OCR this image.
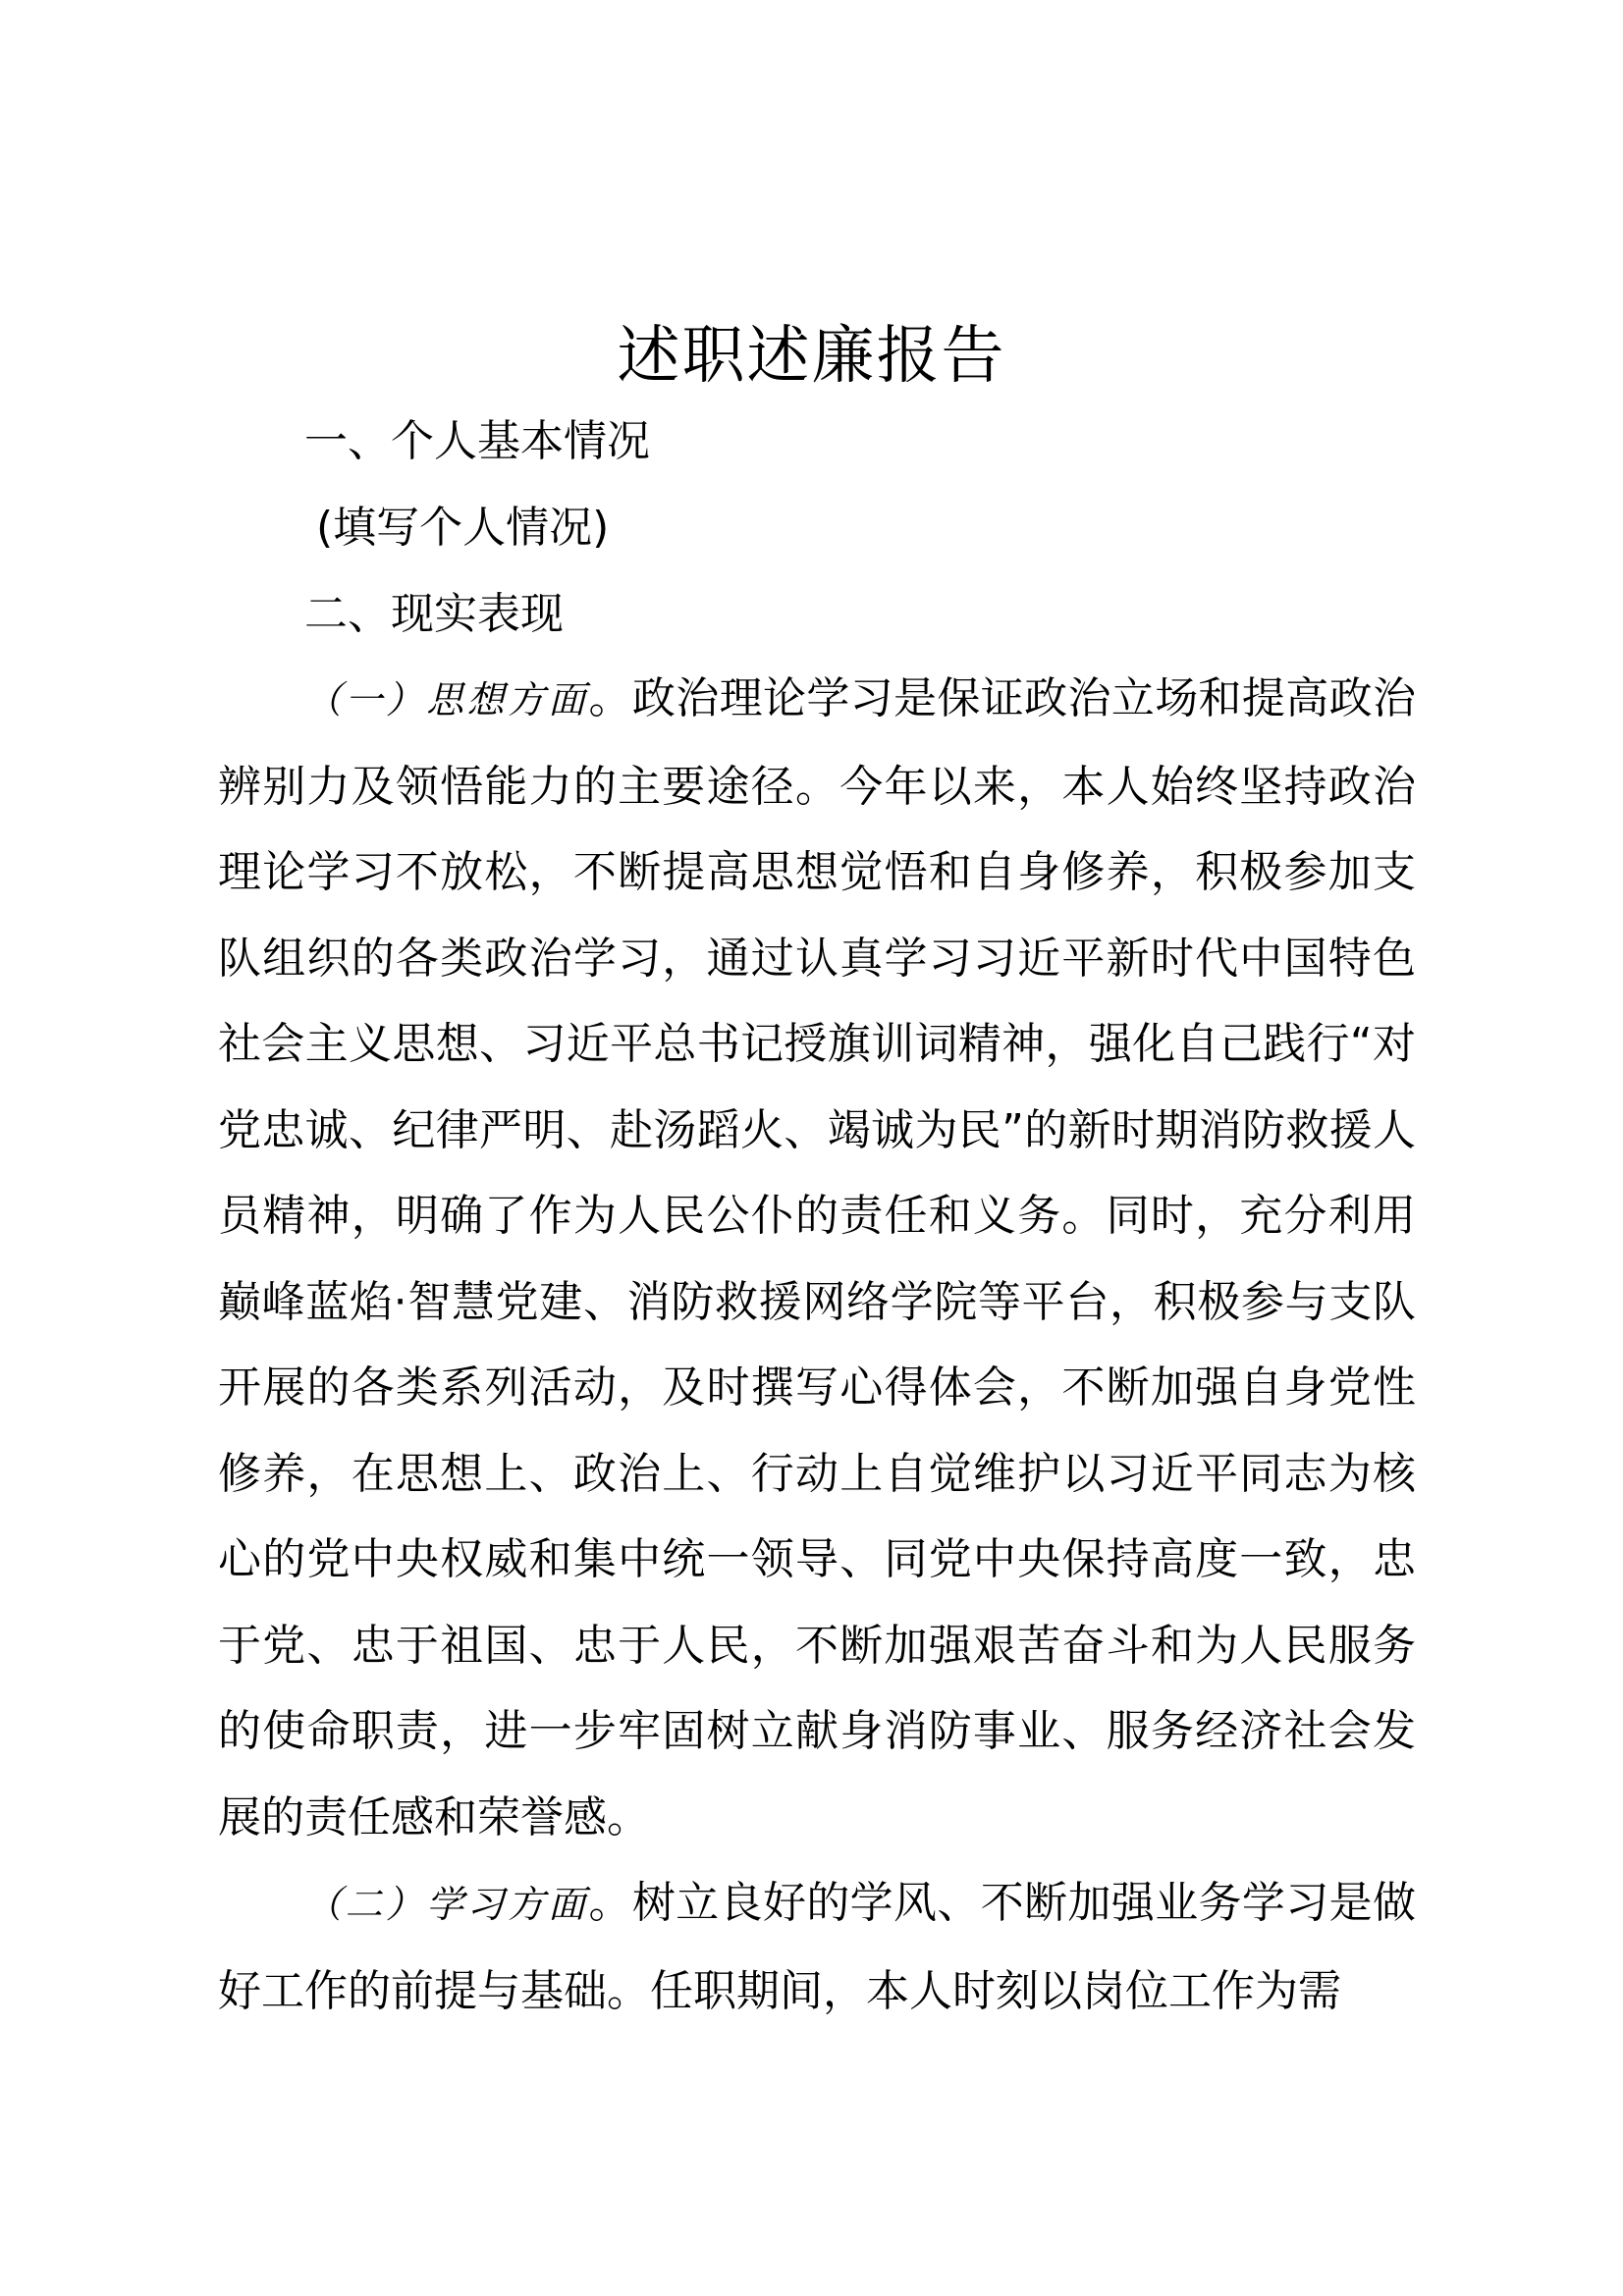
述职述廉报告
一、个人基本情况
(填写个人情况)
二、现实表现
（一）思想方面。政治理论学习是保证政治立场和提高政治辨别力及领悟能力的主要途径。今年以来，本人始终坚持政治理论学习不放松，不断提高思想觉悟和自身修养，积极参加支队组织的各类政治学习，通过认真学习习近平新时代中国特色社会主义思想、习近平总书记授旗训词精神，强化自己践行“对党忠诚、纪律严明、赴汤蹈火、竭诚为民”的新时期消防救援人员精神，明确了作为人民公仆的责任和义务。同时，充分利用巅峰蓝焰·智慧党建、消防救援网络学院等平台，积极参与支队开展的各类系列活动，及时撰写心得体会，不断加强自身党性修养，在思想上、政治上、行动上自觉维护以习近平同志为核心的党中央权威和集中统一领导、同党中央保持高度一致，忠于党、忠于祖国、忠于人民，不断加强艰苦奋斗和为人民服务的使命职责，进一步牢固树立献身消防事业、服务经济社会发展的责任感和荣誉感。
（二）学习方面。树立良好的学风、不断加强业务学习是做好工作的前提与基础。任职期间，本人时刻以岗位工作为需
